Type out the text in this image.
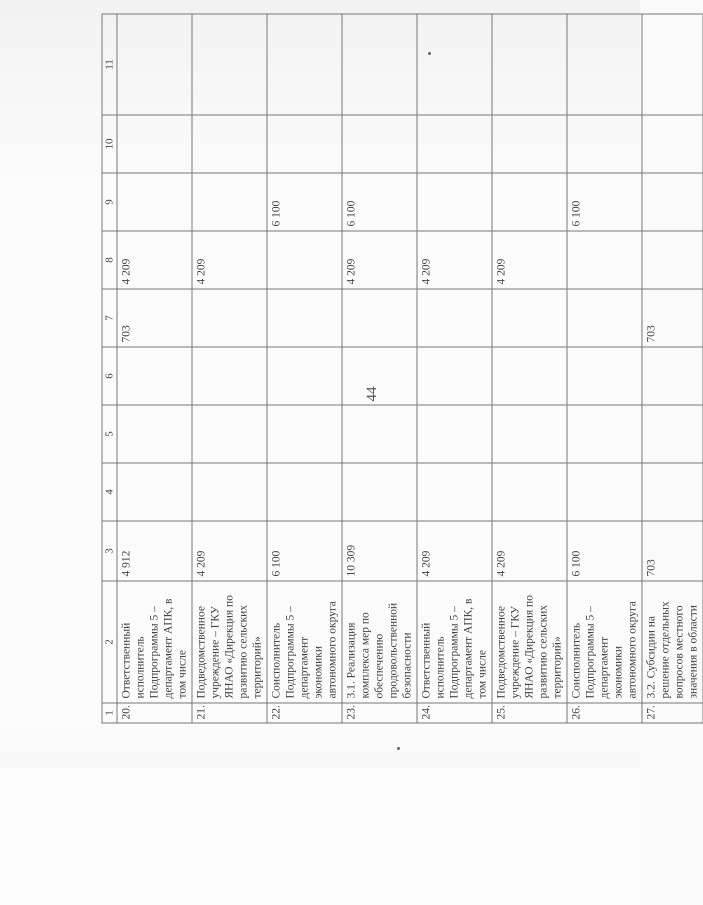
44
1	2	3	4	5	6	7	8	9	10	11
20.	Ответственный исполнитель Подпрограммы 5 – департамент АПК, в том числе	4 912				703	4 209			
21.	Подведомственное учреждение – ГКУ ЯНАО «Дирекция по развитию сельских территорий»	4 209					4 209			
22.	Соисполнитель Подпрограммы 5 – департамент экономики автономного округа	6 100						6 100		
23.	3.1. Реализация комплекса мер по обеспечению продовольственной безопасности	10 309					4 209	6 100		
24.	Ответственный исполнитель Подпрограммы 5 – департамент АПК, в том числе	4 209					4 209			
25.	Подведомственное учреждение – ГКУ ЯНАО «Дирекция по развитию сельских территорий»	4 209					4 209			
26.	Соисполнитель Подпрограммы 5 – департамент экономики автономного округа	6 100						6 100		
27.	3.2. Субсидии на решение отдельных вопросов местного значения в области	703				703				
